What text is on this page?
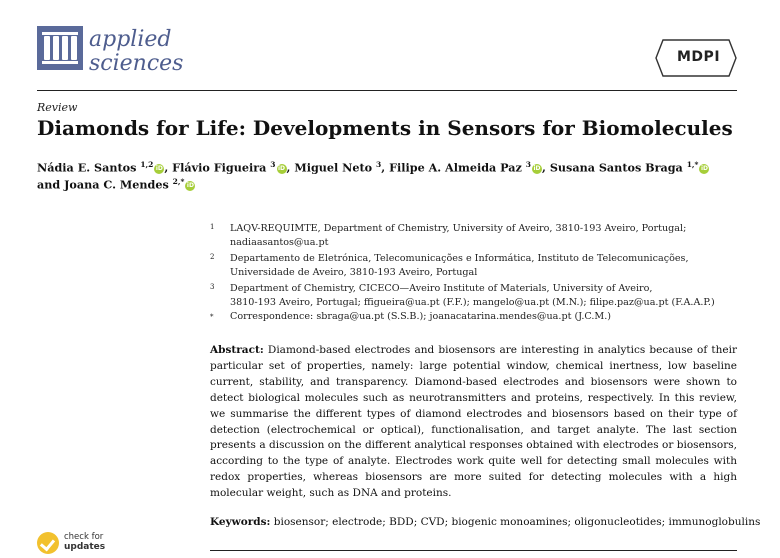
applied
sciences	MDPI
Review
Diamonds for Life: Developments in Sensors for Biomolecules
Nádia E. Santos $^{1,2}$ iD, Flávio Figueira $^3$ iD, Miguel Neto $^3$, Filipe A. Almeida Paz $^3$ iD, Susana Santos Braga $^{1,*}$ iD
and Joana C. Mendes $^{2,*}$ iD
1 LAQV-REQUIMTE, Department of Chemistry, University of Aveiro, 3810-193 Aveiro, Portugal;
nadiaasantos@ua.pt
2 Departamento de Eletrónica, Telecomunicações e Informática, Instituto de Telecomunicações,
Universidade de Aveiro, 3810-193 Aveiro, Portugal
3 Department of Chemistry, CICECO—Aveiro Institute of Materials, University of Aveiro,
3810-193 Aveiro, Portugal; ffigueira@ua.pt (F.F.); mangelo@ua.pt (M.N.); filipe.paz@ua.pt (F.A.A.P.)
* Correspondence: sbraga@ua.pt (S.S.B.); joanacatarina.mendes@ua.pt (J.C.M.)
Abstract: Diamond-based electrodes and biosensors are interesting in analytics because of their particular set of properties, namely: large potential window, chemical inertness, low baseline current, stability, and transparency. Diamond-based electrodes and biosensors were shown to detect biological molecules such as neurotransmitters and proteins, respectively. In this review, we summarise the different types of diamond electrodes and biosensors based on their type of detection (electrochemical or optical), functionalisation, and target analyte. The last section presents a discussion on the different analytical responses obtained with electrodes or biosensors, according to the type of analyte. Electrodes work quite well for detecting small molecules with redox properties, whereas biosensors are more suited for detecting molecules with a high molecular weight, such as DNA and proteins.
Keywords: biosensor; electrode; BDD; CVD; biogenic monoamines; oligonucleotides; immunoglobulins
check for
updates
